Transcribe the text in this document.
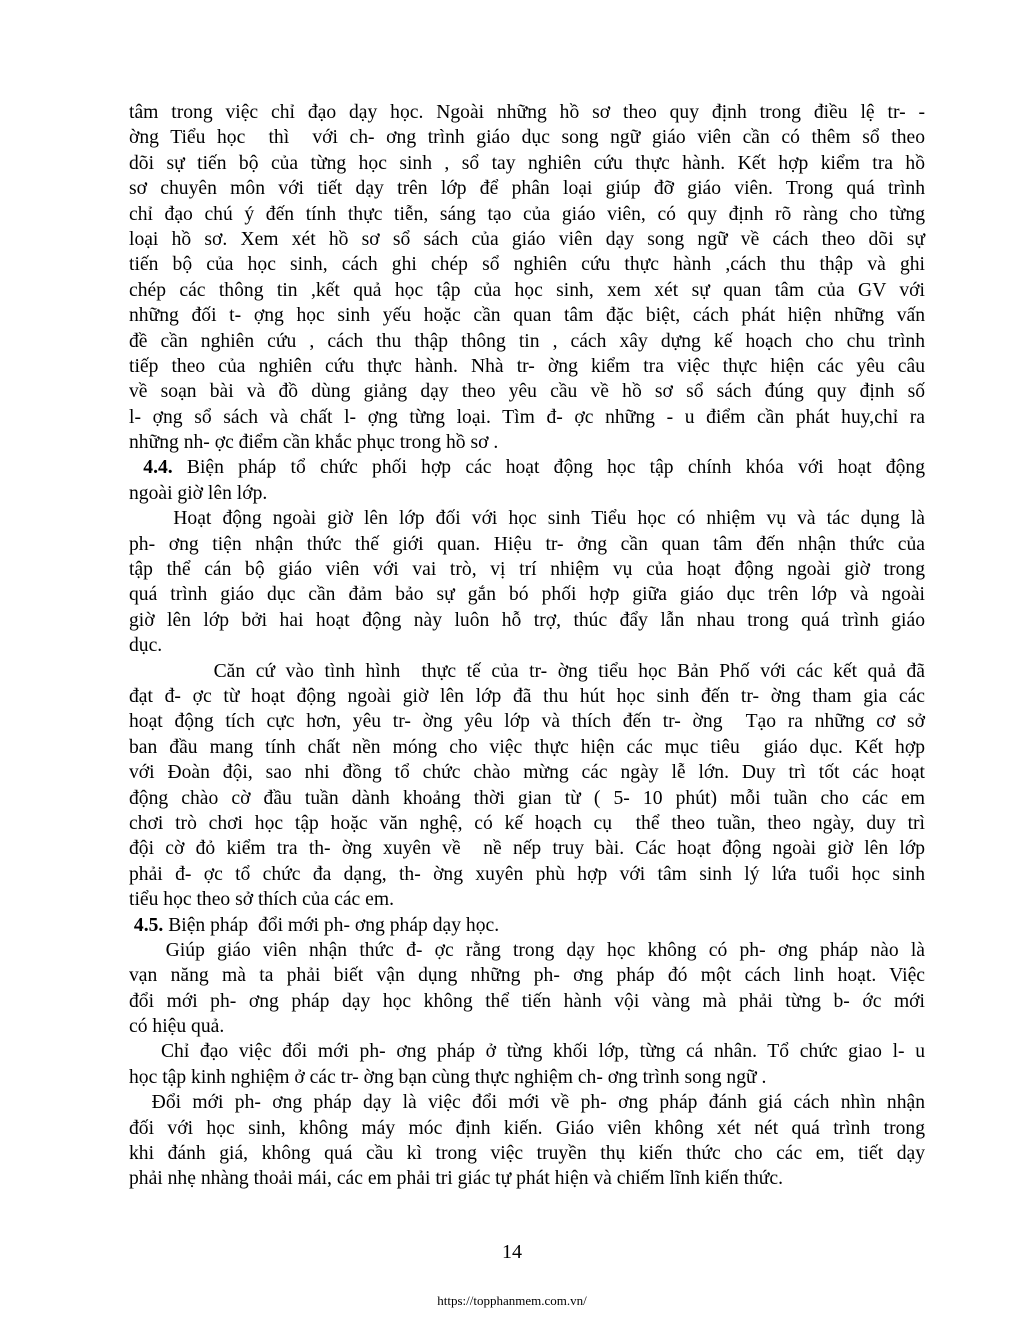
tâm trong việc chỉ đạo dạy học. Ngoài những hồ sơ theo quy định trong điều lệ tr- -
ờng Tiểu học  thì  với ch- ơng trình giáo dục song ngữ giáo viên cần có thêm sổ theo
dõi sự tiến bộ của từng học sinh , sổ tay nghiên cứu thực hành. Kết hợp kiểm tra hồ
sơ chuyên môn với tiết dạy trên lớp để phân loại giúp đỡ giáo viên. Trong quá trình
chỉ đạo chú ý đến tính thực tiễn, sáng tạo của giáo viên, có quy định rõ ràng cho từng
loại hồ sơ. Xem xét hồ sơ sổ sách của giáo viên dạy song ngữ về cách theo dõi sự
tiến bộ của học sinh, cách ghi chép sổ nghiên cứu thực hành ,cách thu thập và ghi
chép các thông tin ,kết quả học tập của học sinh, xem xét sự quan tâm của GV với
những đối t- ợng học sinh yếu hoặc cần quan tâm đặc biệt, cách phát hiện những vấn
đề cần nghiên cứu , cách thu thập thông tin , cách xây dựng kế hoạch cho chu trình
tiếp theo của nghiên cứu thực hành. Nhà tr- ờng kiểm tra việc thực hiện các yêu câu
về soạn bài và đồ dùng giảng dạy theo yêu cầu về hồ sơ sổ sách đúng quy định số
l- ợng sổ sách và chất l- ợng từng loại. Tìm đ- ợc những - u điểm cần phát huy,chỉ ra
những nh- ợc điểm cần khắc phục trong hồ sơ .
4.4. Biện pháp tổ chức phối hợp các hoạt động học tập chính khóa với hoạt động
ngoài giờ lên lớp.
Hoạt động ngoài giờ lên lớp đối với học sinh Tiểu học có nhiệm vụ và tác dụng là
ph- ơng tiện nhận thức thế giới quan. Hiệu tr- ởng cần quan tâm đến nhận thức của
tập thể cán bộ giáo viên với vai trò, vị trí nhiệm vụ của hoạt động ngoài giờ trong
quá trình giáo dục cần đảm bảo sự gắn bó phối hợp giữa giáo dục trên lớp và ngoài
giờ lên lớp bởi hai hoạt động này luôn hỗ trợ, thúc đẩy lẫn nhau trong quá trình giáo
dục.
Căn cứ vào tình hình  thực tế của tr- ờng tiểu học Bản Phố với các kết quả đã
đạt đ- ợc từ hoạt động ngoài giờ lên lớp đã thu hút học sinh đến tr- ờng tham gia các
hoạt động tích cực hơn, yêu tr- ờng yêu lớp và thích đến tr- ờng  Tạo ra những cơ sở
ban đầu mang tính chất nền móng cho việc thực hiện các mục tiêu  giáo dục. Kết hợp
với Đoàn đội, sao nhi đồng tổ chức chào mừng các ngày lễ lớn. Duy trì tốt các hoạt
động chào cờ đầu tuần dành khoảng thời gian từ ( 5- 10 phút) mỗi tuần cho các em
chơi trò chơi học tập hoặc văn nghệ, có kế hoạch cụ  thể theo tuần, theo ngày, duy trì
đội cờ đỏ kiểm tra th- ờng xuyên về  nề nếp truy bài. Các hoạt động ngoài giờ lên lớp
phải đ- ợc tổ chức đa dạng, th- ờng xuyên phù hợp với tâm sinh lý lứa tuổi học sinh
tiểu học theo sở thích của các em.
4.5. Biện pháp  đổi mới ph- ơng pháp dạy học.
Giúp giáo viên nhận thức đ- ợc rằng trong dạy học không có ph- ơng pháp nào là
vạn năng mà ta phải biết vận dụng những ph- ơng pháp đó một cách linh hoạt. Việc
đổi mới ph- ơng pháp dạy học không thể tiến hành vội vàng mà phải từng b- ớc mới
có hiệu quả.
Chỉ đạo việc đổi mới ph- ơng pháp ở từng khối lớp, từng cá nhân. Tổ chức giao l- u
học tập kinh nghiệm ở các tr- ờng bạn cùng thực nghiệm ch- ơng trình song ngữ .
Đổi mới ph- ơng pháp dạy là việc đổi mới về ph- ơng pháp đánh giá cách nhìn nhận
đối với học sinh, không máy móc định kiến. Giáo viên không xét nét quá trình trong
khi đánh giá, không quá cầu kì trong việc truyền thụ kiến thức cho các em, tiết dạy
phải nhẹ nhàng thoải mái, các em phải tri giác tự phát hiện và chiếm lĩnh kiến thức.
14
https://topphanmem.com.vn/
